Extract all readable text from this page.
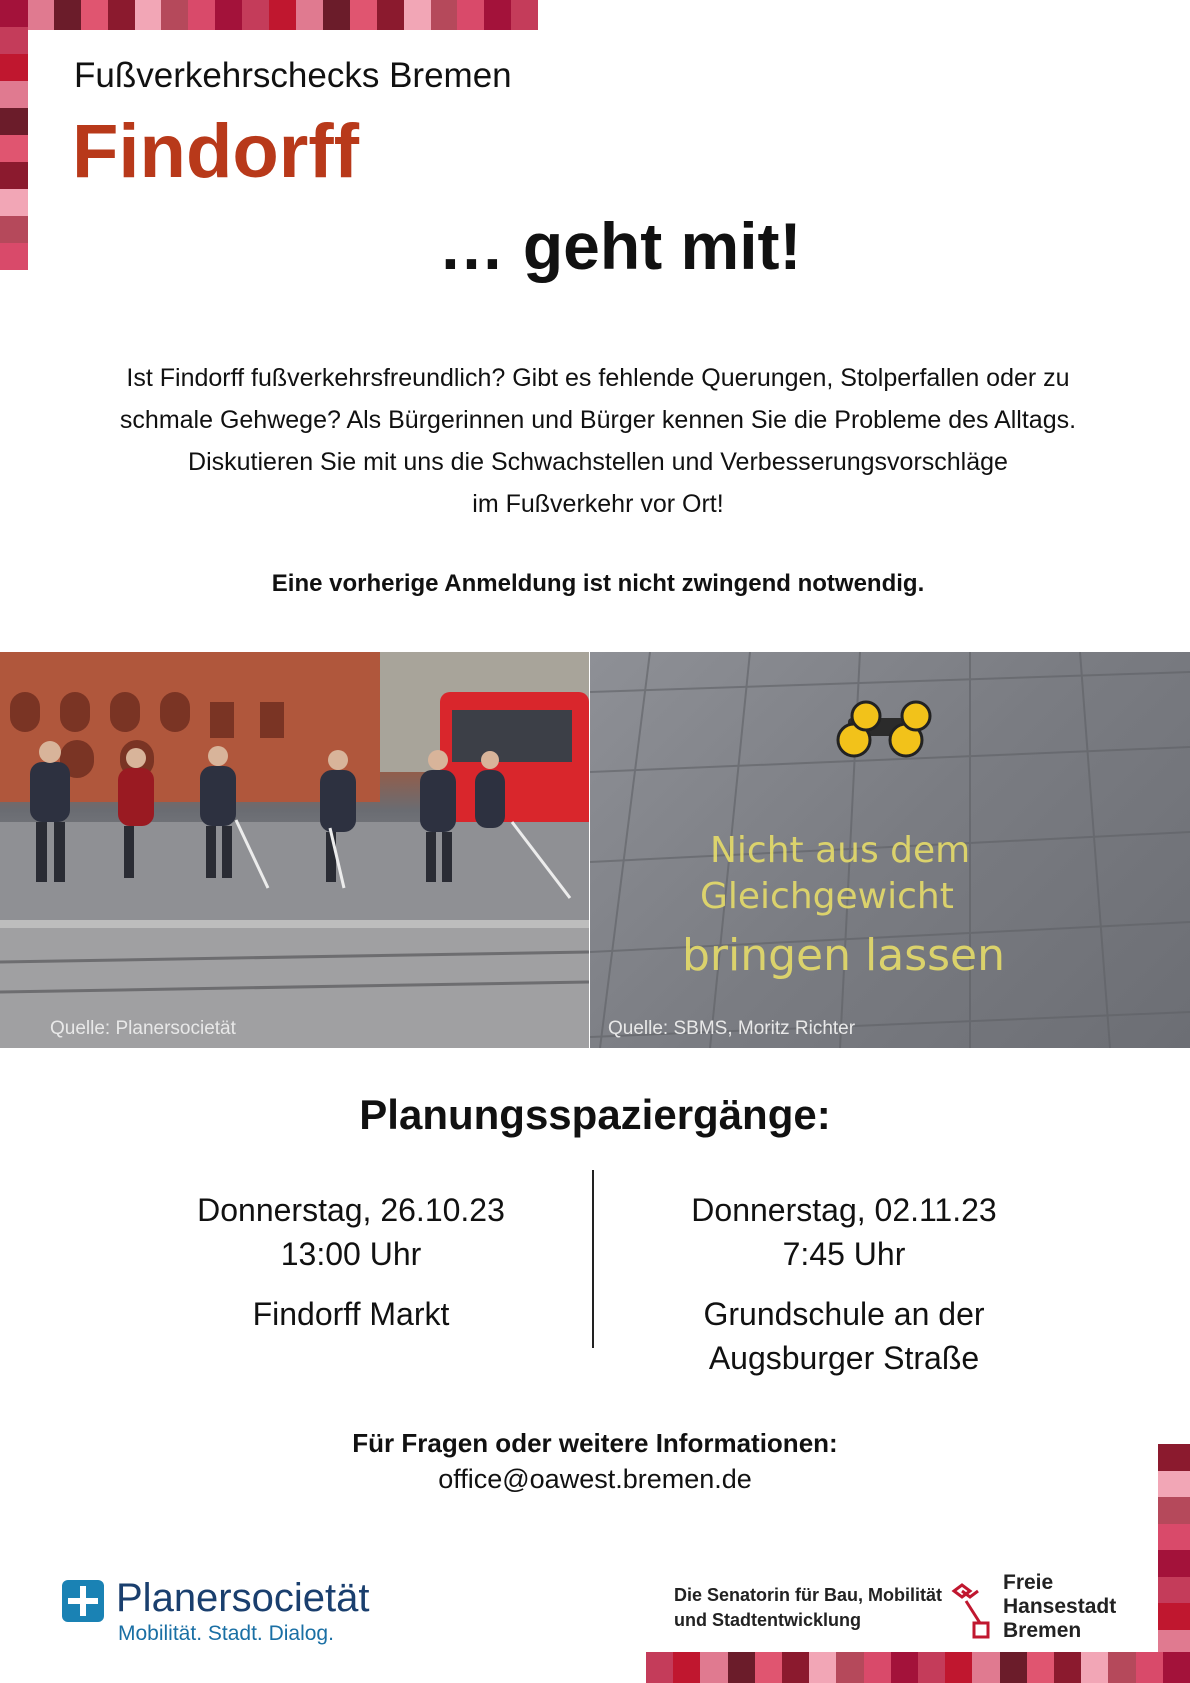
Fußverkehrschecks Bremen
Findorff
… geht mit!
Ist Findorff fußverkehrsfreundlich? Gibt es fehlende Querungen, Stolperfallen oder zu
schmale Gehwege? Als Bürgerinnen und Bürger kennen Sie die Probleme des Alltags.
Diskutieren Sie mit uns die Schwachstellen und Verbesserungsvorschläge
im Fußverkehr vor Ort!
Eine vorherige Anmeldung ist nicht zwingend notwendig.
Quelle: Planersocietät
Nicht aus dem
Gleichgewicht
bringen lassen
Quelle: SBMS, Moritz Richter
Planungsspaziergänge:
Donnerstag, 26.10.23
13:00 Uhr
Findorff Markt
Donnerstag, 02.11.23
7:45 Uhr
Grundschule an der
Augsburger Straße
Für Fragen oder weitere Informationen:
office@oawest.bremen.de
Planersocietät
Mobilität. Stadt. Dialog.
Die Senatorin für Bau, Mobilität
und Stadtentwicklung
Freie
Hansestadt
Bremen
